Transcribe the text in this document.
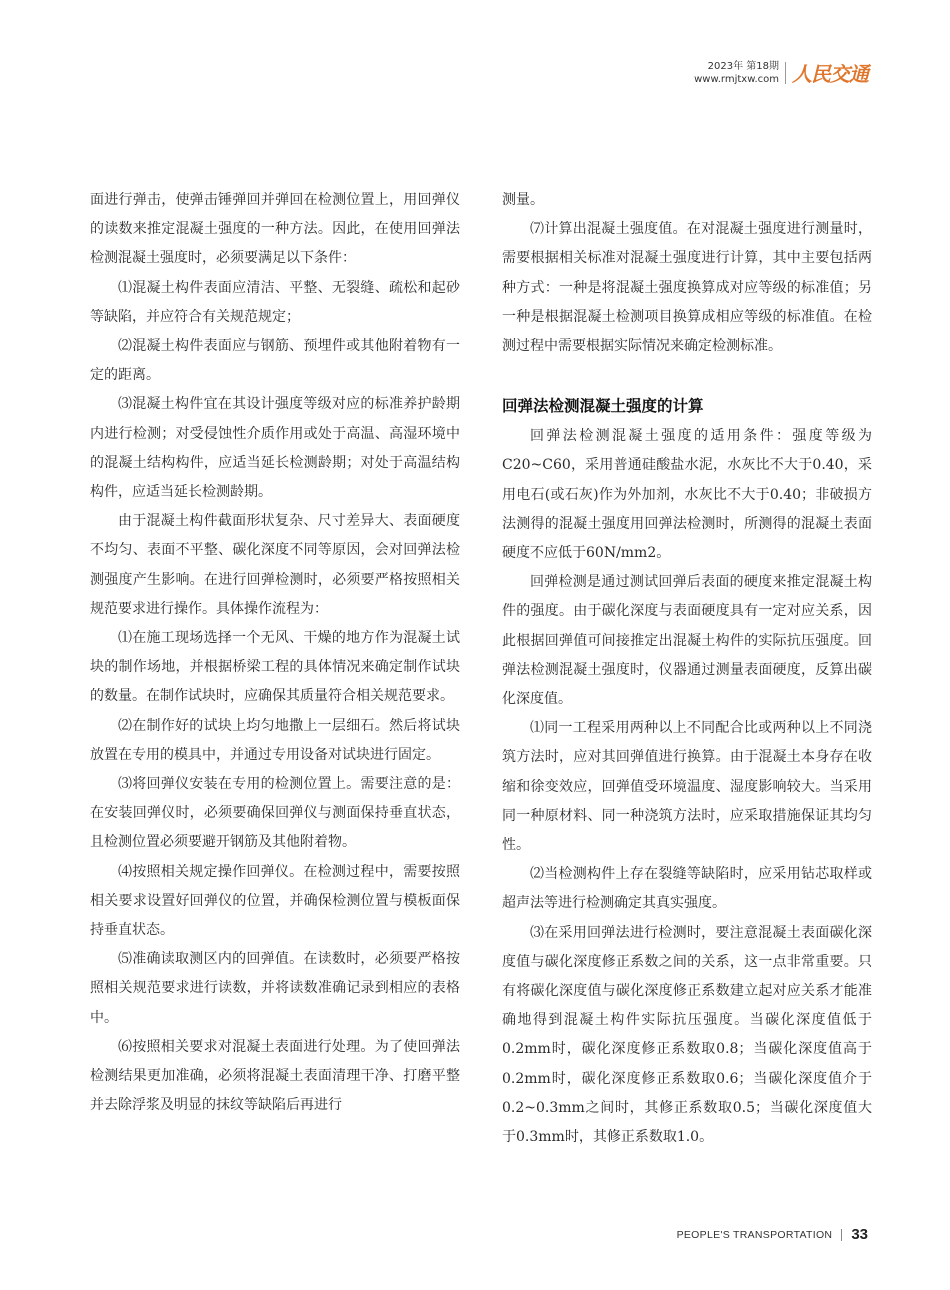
2023年 第18期
www.rmjtxw.com 人民交通

面进行弹击，使弹击锤弹回并弹回在检测位置上，用回弹仪的读数来推定混凝土强度的一种方法。因此，在使用回弹法检测混凝土强度时，必须要满足以下条件：

⑴混凝土构件表面应清洁、平整、无裂缝、疏松和起砂等缺陷，并应符合有关规范规定；

⑵混凝土构件表面应与钢筋、预埋件或其他附着物有一定的距离。

⑶混凝土构件宜在其设计强度等级对应的标准养护龄期内进行检测；对受侵蚀性介质作用或处于高温、高湿环境中的混凝土结构构件，应适当延长检测龄期；对处于高温结构构件，应适当延长检测龄期。

由于混凝土构件截面形状复杂、尺寸差异大、表面硬度不均匀、表面不平整、碳化深度不同等原因，会对回弹法检测强度产生影响。在进行回弹检测时，必须要严格按照相关规范要求进行操作。具体操作流程为：

⑴在施工现场选择一个无风、干燥的地方作为混凝土试块的制作场地，并根据桥梁工程的具体情况来确定制作试块的数量。在制作试块时，应确保其质量符合相关规范要求。

⑵在制作好的试块上均匀地撒上一层细石。然后将试块放置在专用的模具中，并通过专用设备对试块进行固定。

⑶将回弹仪安装在专用的检测位置上。需要注意的是：在安装回弹仪时，必须要确保回弹仪与测面保持垂直状态，且检测位置必须要避开钢筋及其他附着物。

⑷按照相关规定操作回弹仪。在检测过程中，需要按照相关要求设置好回弹仪的位置，并确保检测位置与模板面保持垂直状态。

⑸准确读取测区内的回弹值。在读数时，必须要严格按照相关规范要求进行读数，并将读数准确记录到相应的表格中。

⑹按照相关要求对混凝土表面进行处理。为了使回弹法检测结果更加准确，必须将混凝土表面清理干净、打磨平整并去除浮浆及明显的抹纹等缺陷后再进行

测量。

⑺计算出混凝土强度值。在对混凝土强度进行测量时，需要根据相关标准对混凝土强度进行计算，其中主要包括两种方式：一种是将混凝土强度换算成对应等级的标准值；另一种是根据混凝土检测项目换算成相应等级的标准值。在检测过程中需要根据实际情况来确定检测标准。

回弹法检测混凝土强度的计算

回弹法检测混凝土强度的适用条件：强度等级为C20~C60，采用普通硅酸盐水泥，水灰比不大于0.40，采用电石(或石灰)作为外加剂，水灰比不大于0.40；非破损方法测得的混凝土强度用回弹法检测时，所测得的混凝土表面硬度不应低于60N/mm2。

回弹检测是通过测试回弹后表面的硬度来推定混凝土构件的强度。由于碳化深度与表面硬度具有一定对应关系，因此根据回弹值可间接推定出混凝土构件的实际抗压强度。回弹法检测混凝土强度时，仪器通过测量表面硬度，反算出碳化深度值。

⑴同一工程采用两种以上不同配合比或两种以上不同浇筑方法时，应对其回弹值进行换算。由于混凝土本身存在收缩和徐变效应，回弹值受环境温度、湿度影响较大。当采用同一种原材料、同一种浇筑方法时，应采取措施保证其均匀性。

⑵当检测构件上存在裂缝等缺陷时，应采用钻芯取样或超声法等进行检测确定其真实强度。

⑶在采用回弹法进行检测时，要注意混凝土表面碳化深度值与碳化深度修正系数之间的关系，这一点非常重要。只有将碳化深度值与碳化深度修正系数建立起对应关系才能准确地得到混凝土构件实际抗压强度。当碳化深度值低于0.2mm时，碳化深度修正系数取0.8；当碳化深度值高于0.2mm时，碳化深度修正系数取0.6；当碳化深度值介于0.2~0.3mm之间时，其修正系数取0.5；当碳化深度值大于0.3mm时，其修正系数取1.0。

PEOPLE'S TRANSPORTATION 33
